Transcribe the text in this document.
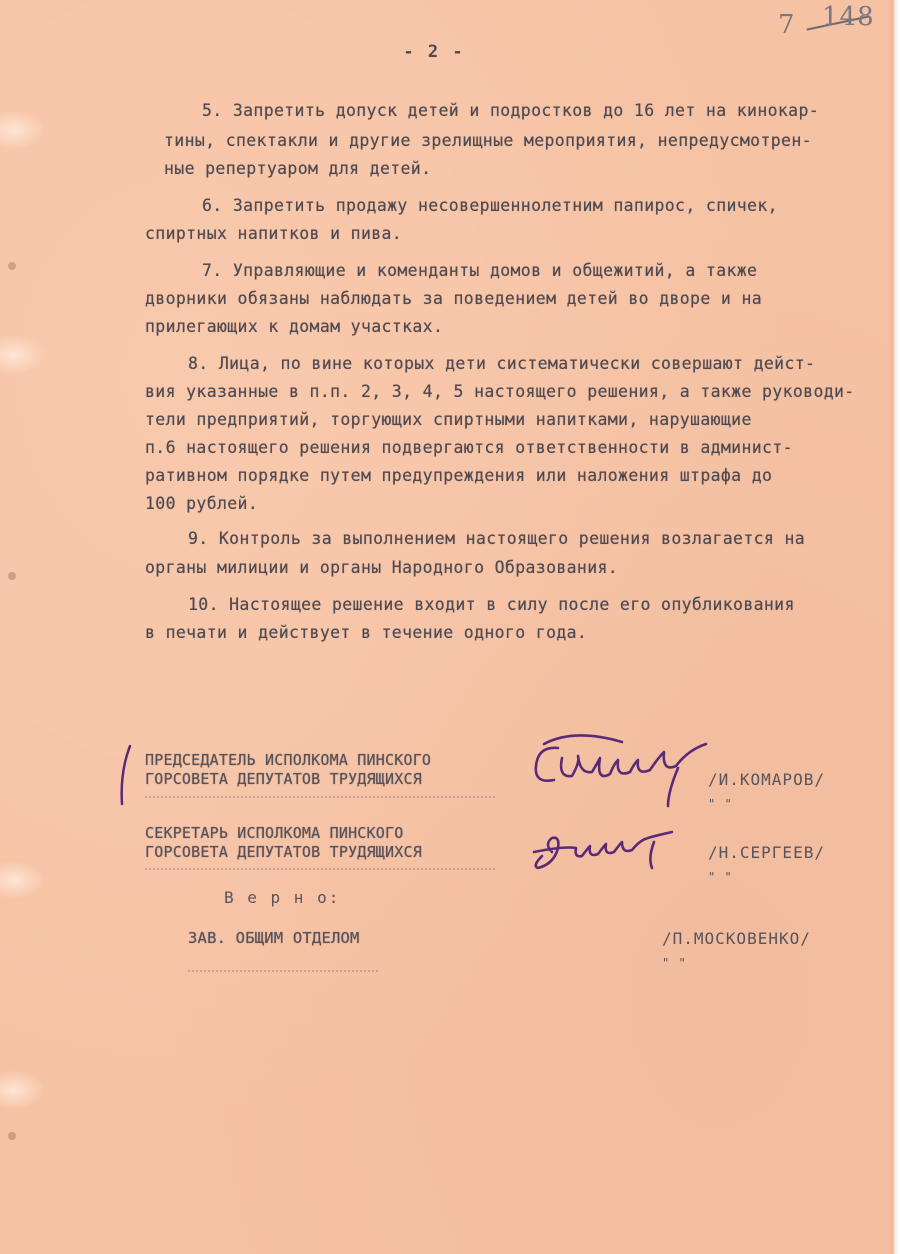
7 148
- 2 -
5. Запретить допуск детей и подростков до 16 лет на кинокар-
тины, спектакли и другие зрелищные мероприятия, непредусмотрен-
ные репертуаром для детей.
6. Запретить продажу несовершеннолетним папирос, спичек,
спиртных напитков и пива.
7. Управляющие и коменданты домов и общежитий, а также
дворники обязаны наблюдать за поведением детей во дворе и на
прилегающих к домам участках.
8. Лица, по вине которых дети систематически совершают дейст-
вия указанные в п.п. 2, 3, 4, 5 настоящего решения, а также руководи-
тели предприятий, торгующих спиртными напитками, нарушающие
п.6 настоящего решения подвергаются ответственности в админист-
ративном порядке путем предупреждения или наложения штрафа до
100 рублей.
9. Контроль за выполнением настоящего решения возлагается на
органы милиции и органы Народного Образования.
10. Настоящее решение входит в силу после его опубликования
в печати и действует в течение одного года.
ПРЕДСЕДАТЕЛЬ ИСПОЛКОМА ПИНСКОГО
ГОРСОВЕТА ДЕПУТАТОВ ТРУДЯЩИХСЯ	/И.КОМАРОВ/
" "
СЕКРЕТАРЬ ИСПОЛКОМА ПИНСКОГО
ГОРСОВЕТА ДЕПУТАТОВ ТРУДЯЩИХСЯ	/Н.СЕРГЕЕВ/
" "
В е р н о:
ЗАВ. ОБЩИМ ОТДЕЛОМ	/П.МОСКОВЕНКО/
" "
